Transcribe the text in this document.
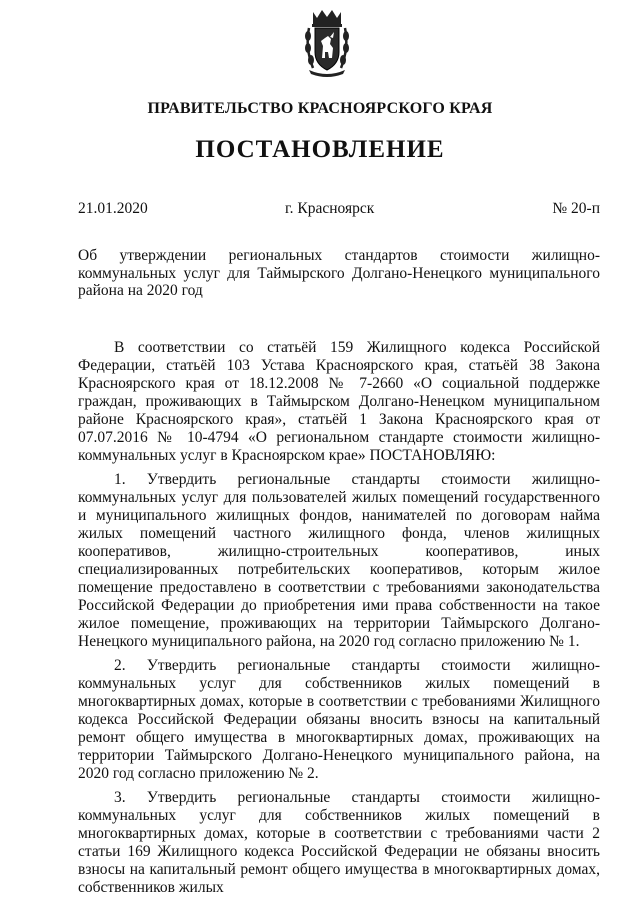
ПРАВИТЕЛЬСТВО КРАСНОЯРСКОГО КРАЯ
ПОСТАНОВЛЕНИЕ
21.01.2020	г. Красноярск	№ 20-п
Об утверждении региональных стандартов стоимости жилищно-коммунальных услуг для Таймырского Долгано-Ненецкого муниципального района на 2020 год

В соответствии со статьёй 159 Жилищного кодекса Российской Федерации, статьёй 103 Устава Красноярского края, статьёй 38 Закона Красноярского края от 18.12.2008 № 7-2660 «О социальной поддержке граждан, проживающих в Таймырском Долгано-Ненецком муниципальном районе Красноярского края», статьёй 1 Закона Красноярского края от 07.07.2016 № 10-4794 «О региональном стандарте стоимости жилищно-коммунальных услуг в Красноярском крае» ПОСТАНОВЛЯЮ:

1. Утвердить региональные стандарты стоимости жилищно-коммунальных услуг для пользователей жилых помещений государственного и муниципального жилищных фондов, нанимателей по договорам найма жилых помещений частного жилищного фонда, членов жилищных кооперативов, жилищно-строительных кооперативов, иных специализированных потребительских кооперативов, которым жилое помещение предоставлено в соответствии с требованиями законодательства Российской Федерации до приобретения ими права собственности на такое жилое помещение, проживающих на территории Таймырского Долгано-Ненецкого муниципального района, на 2020 год согласно приложению № 1.

2. Утвердить региональные стандарты стоимости жилищно-коммунальных услуг для собственников жилых помещений в многоквартирных домах, которые в соответствии с требованиями Жилищного кодекса Российской Федерации обязаны вносить взносы на капитальный ремонт общего имущества в многоквартирных домах, проживающих на территории Таймырского Долгано-Ненецкого муниципального района, на 2020 год согласно приложению № 2.

3. Утвердить региональные стандарты стоимости жилищно-коммунальных услуг для собственников жилых помещений в многоквартирных домах, которые в соответствии с требованиями части 2 статьи 169 Жилищного кодекса Российской Федерации не обязаны вносить взносы на капитальный ремонт общего имущества в многоквартирных домах, собственников жилых
